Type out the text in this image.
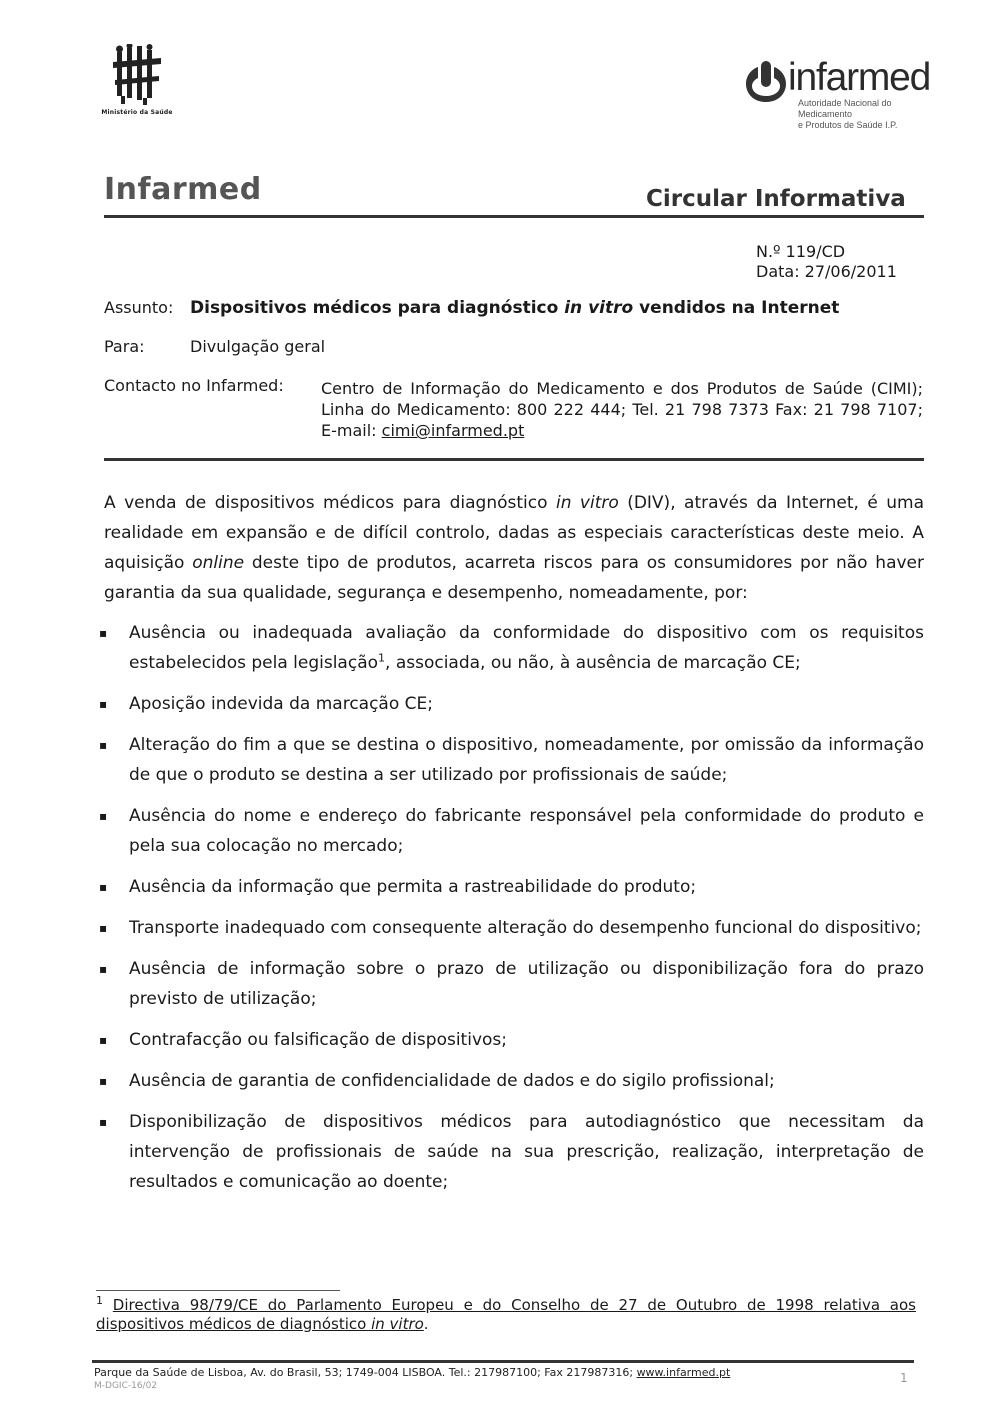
Ministério da Saúde
infarmed
Autoridade Nacional do Medicamento
e Produtos de Saúde I.P.
Infarmed	Circular Informativa
N.º 119/CD
Data: 27/06/2011
Assunto: Dispositivos médicos para diagnóstico in vitro vendidos na Internet
Para:	Divulgação geral
Contacto no Infarmed: Centro de Informação do Medicamento e dos Produtos de Saúde (CIMI); Linha do Medicamento: 800 222 444; Tel. 21 798 7373 Fax: 21 798 7107; E-mail: cimi@infarmed.pt
A venda de dispositivos médicos para diagnóstico in vitro (DIV), através da Internet, é uma realidade em expansão e de difícil controlo, dadas as especiais características deste meio. A aquisição online deste tipo de produtos, acarreta riscos para os consumidores por não haver garantia da sua qualidade, segurança e desempenho, nomeadamente, por:
▪ Ausência ou inadequada avaliação da conformidade do dispositivo com os requisitos estabelecidos pela legislação$^1$, associada, ou não, à ausência de marcação CE;
▪ Aposição indevida da marcação CE;
▪ Alteração do fim a que se destina o dispositivo, nomeadamente, por omissão da informação de que o produto se destina a ser utilizado por profissionais de saúde;
▪ Ausência do nome e endereço do fabricante responsável pela conformidade do produto e pela sua colocação no mercado;
▪ Ausência da informação que permita a rastreabilidade do produto;
▪ Transporte inadequado com consequente alteração do desempenho funcional do dispositivo;
▪ Ausência de informação sobre o prazo de utilização ou disponibilização fora do prazo previsto de utilização;
▪ Contrafacção ou falsificação de dispositivos;
▪ Ausência de garantia de confidencialidade de dados e do sigilo profissional;
▪ Disponibilização de dispositivos médicos para autodiagnóstico que necessitam da intervenção de profissionais de saúde na sua prescrição, realização, interpretação de resultados e comunicação ao doente;
$^1$ Directiva 98/79/CE do Parlamento Europeu e do Conselho de 27 de Outubro de 1998 relativa aos dispositivos médicos de diagnóstico in vitro.
Parque da Saúde de Lisboa, Av. do Brasil, 53; 1749-004 LISBOA. Tel.: 217987100; Fax 217987316; www.infarmed.pt
M-DGIC-16/02
1
